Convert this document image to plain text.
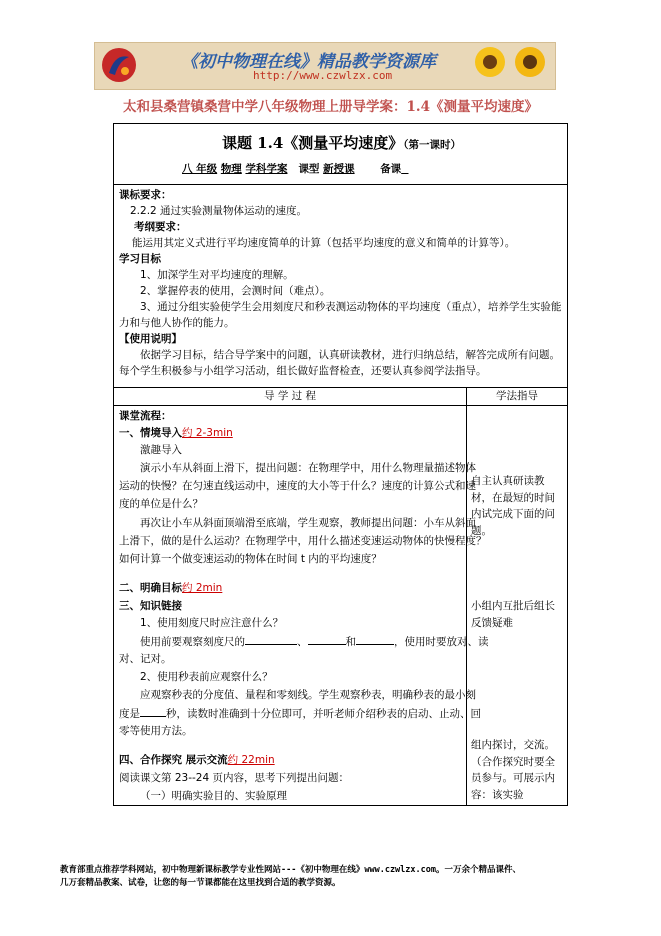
《初中物理在线》精品教学资源库
http://www.czwlzx.com
太和县桑营镇桑营中学八年级物理上册导学案：1.4《测量平均速度》
课题 1.4《测量平均速度》（第一课时）
八 年级 物理 学科学案 课型 新授课 备课
课标要求：
2.2.2 通过实验测量物体运动的速度。
考纲要求：
能运用其定义式进行平均速度简单的计算（包括平均速度的意义和简单的计算等）。
学习目标
1、加深学生对平均速度的理解。
2、掌握停表的使用，会测时间（难点）。
3、通过分组实验使学生会用刻度尺和秒表测运动物体的平均速度（重点），培养学生实验能
力和与他人协作的能力。
【使用说明】
依据学习目标，结合导学案中的问题，认真研读教材，进行归纳总结，解答完成所有问题。
每个学生积极参与小组学习活动，组长做好监督检查，还要认真参阅学法指导。
导 学 过 程	学法指导
课堂流程：
一、情境导入约 2-3min
激趣导入
演示小车从斜面上滑下，提出问题：在物理学中，用什么物理量描述物体
运动的快慢？在匀速直线运动中，速度的大小等于什么？速度的计算公式和速
度的单位是什么？
再次让小车从斜面顶端滑至底端，学生观察，教师提出问题：小车从斜面
上滑下，做的是什么运动？在物理学中，用什么描述变速运动物体的快慢程度？
如何计算一个做变速运动的物体在时间 t 内的平均速度？
二、明确目标约 2min
三、知识链接
1、使用刻度尺时应注意什么？
使用前要观察刻度尺的	、	和	，使用时要放对、读
对、记对。
2、使用秒表前应观察什么？
应观察秒表的分度值、量程和零刻线。学生观察秒表，明确秒表的最小刻
度是 秒，读数时准确到十分位即可，并听老师介绍秒表的启动、止动、回
零等使用方法。
四、合作探究 展示交流约 22min
阅读课文第 23--24 页内容，思考下列提出问题：
（一）明确实验目的、实验原理
自主认真研读教材，在最短的时间内试完成下面的问题。
小组内互批后组长反馈疑难
组内探讨，交流。（合作探究时要全员参与。可展示内容：该实验
教育部重点推荐学科网站，初中物理新课标教学专业性网站---《初中物理在线》www.czwlzx.com。一万余个精品课件、
几万套精品教案、试卷，让您的每一节课都能在这里找到合适的教学资源。
